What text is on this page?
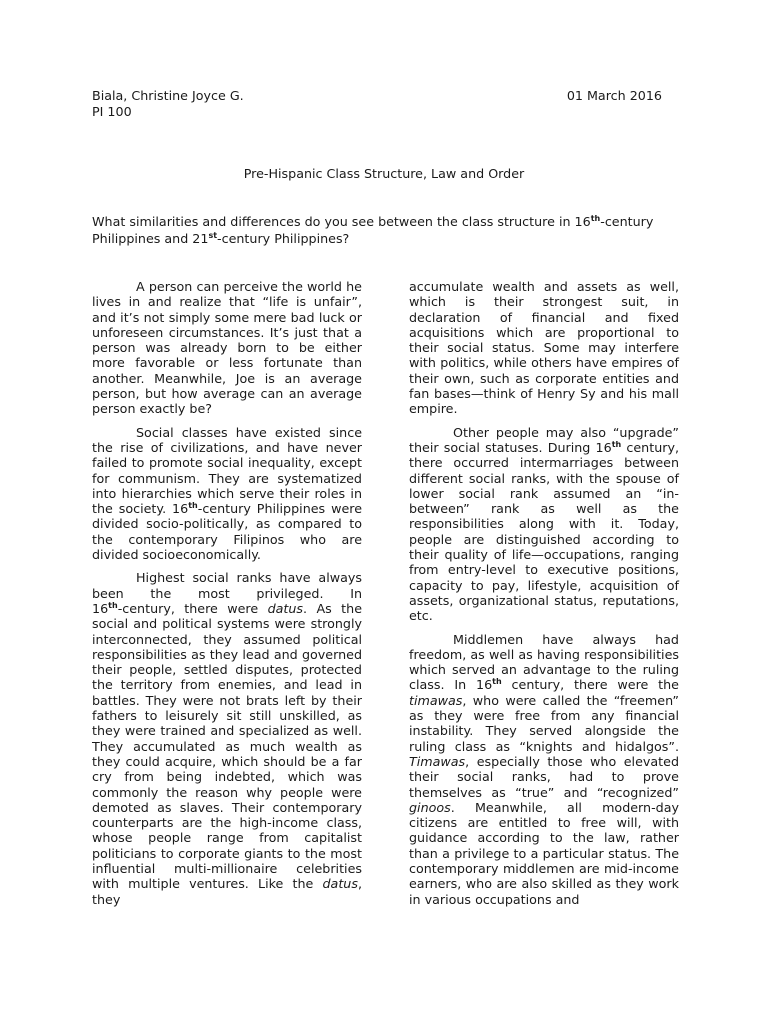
Biala, Christine Joyce G.
PI 100
01 March 2016
Pre-Hispanic Class Structure, Law and Order
What similarities and differences do you see between the class structure in 16th-century Philippines and 21st-century Philippines?

A person can perceive the world he lives in and realize that “life is unfair”, and it’s not simply some mere bad luck or unforeseen circumstances. It’s just that a person was already born to be either more favorable or less fortunate than another. Meanwhile, Joe is an average person, but how average can an average person exactly be?

Social classes have existed since the rise of civilizations, and have never failed to promote social inequality, except for communism. They are systematized into hierarchies which serve their roles in the society. 16th-century Philippines were divided socio-politically, as compared to the contemporary Filipinos who are divided socioeconomically.

Highest social ranks have always been the most privileged. In 16th-century, there were datus. As the social and political systems were strongly interconnected, they assumed political responsibilities as they lead and governed their people, settled disputes, protected the territory from enemies, and lead in battles. They were not brats left by their fathers to leisurely sit still unskilled, as they were trained and specialized as well. They accumulated as much wealth as they could acquire, which should be a far cry from being indebted, which was commonly the reason why people were demoted as slaves. Their contemporary counterparts are the high-income class, whose people range from capitalist politicians to corporate giants to the most influential multi-millionaire celebrities with multiple ventures. Like the datus, they

accumulate wealth and assets as well, which is their strongest suit, in declaration of financial and fixed acquisitions which are proportional to their social status. Some may interfere with politics, while others have empires of their own, such as corporate entities and fan bases—think of Henry Sy and his mall empire.

Other people may also “upgrade” their social statuses. During 16th century, there occurred intermarriages between different social ranks, with the spouse of lower social rank assumed an “in-between” rank as well as the responsibilities along with it. Today, people are distinguished according to their quality of life—occupations, ranging from entry-level to executive positions, capacity to pay, lifestyle, acquisition of assets, organizational status, reputations, etc.

Middlemen have always had freedom, as well as having responsibilities which served an advantage to the ruling class. In 16th century, there were the timawas, who were called the “freemen” as they were free from any financial instability. They served alongside the ruling class as “knights and hidalgos”. Timawas, especially those who elevated their social ranks, had to prove themselves as “true” and “recognized” ginoos. Meanwhile, all modern-day citizens are entitled to free will, with guidance according to the law, rather than a privilege to a particular status. The contemporary middlemen are mid-income earners, who are also skilled as they work in various occupations and
